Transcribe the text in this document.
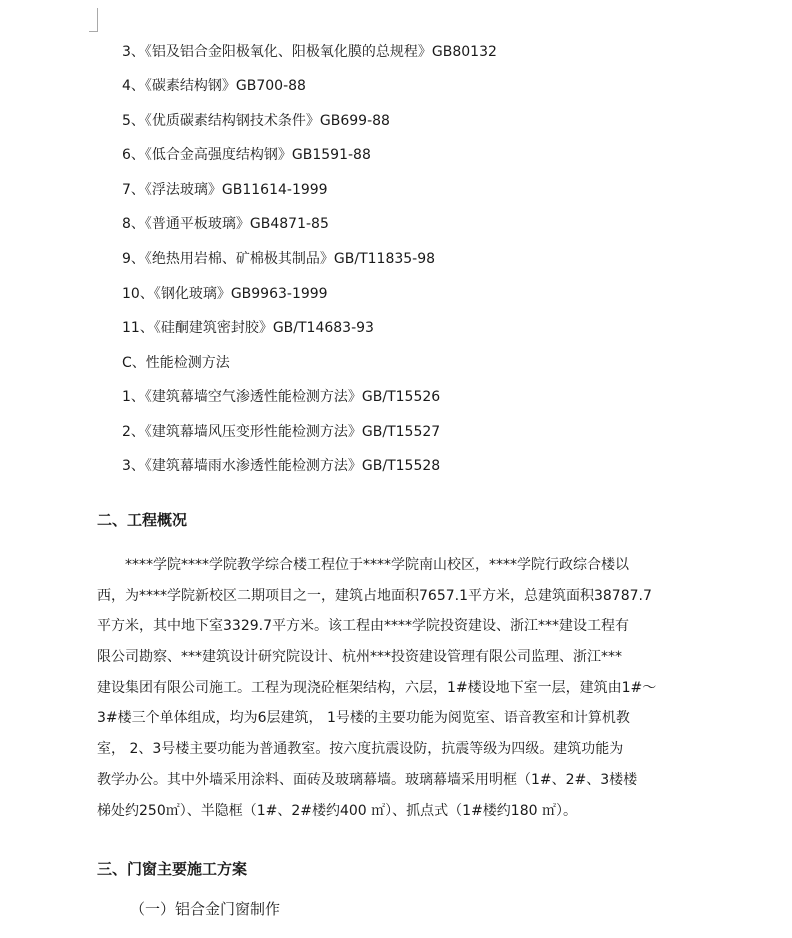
3、《铝及铝合金阳极氧化、阳极氧化膜的总规程》GB80132
4、《碳素结构钢》GB700-88
5、《优质碳素结构钢技术条件》GB699-88
6、《低合金高强度结构钢》GB1591-88
7、《浮法玻璃》GB11614-1999
8、《普通平板玻璃》GB4871-85
9、《绝热用岩棉、矿棉极其制品》GB/T11835-98
10、《钢化玻璃》GB9963-1999
11、《硅酮建筑密封胶》GB/T14683-93
C、性能检测方法
1、《建筑幕墙空气渗透性能检测方法》GB/T15526
2、《建筑幕墙风压变形性能检测方法》GB/T15527
3、《建筑幕墙雨水渗透性能检测方法》GB/T15528
二、工程概况
****学院****学院教学综合楼工程位于****学院南山校区，****学院行政综合楼以
西，为****学院新校区二期项目之一，建筑占地面积7657.1平方米，总建筑面积38787.7
平方米，其中地下室3329.7平方米。该工程由****学院投资建设、浙江***建设工程有
限公司勘察、***建筑设计研究院设计、杭州***投资建设管理有限公司监理、浙江***
建设集团有限公司施工。工程为现浇砼框架结构，六层，1#楼设地下室一层，建筑由1#～
3#楼三个单体组成，均为6层建筑， 1号楼的主要功能为阅览室、语音教室和计算机教
室， 2、3号楼主要功能为普通教室。按六度抗震设防，抗震等级为四级。建筑功能为
教学办公。其中外墙采用涂料、面砖及玻璃幕墙。玻璃幕墙采用明框（1#、2#、3楼楼
梯处约250㎡）、半隐框（1#、2#楼约400 ㎡）、抓点式（1#楼约180 ㎡）。
三、门窗主要施工方案
（一）铝合金门窗制作
